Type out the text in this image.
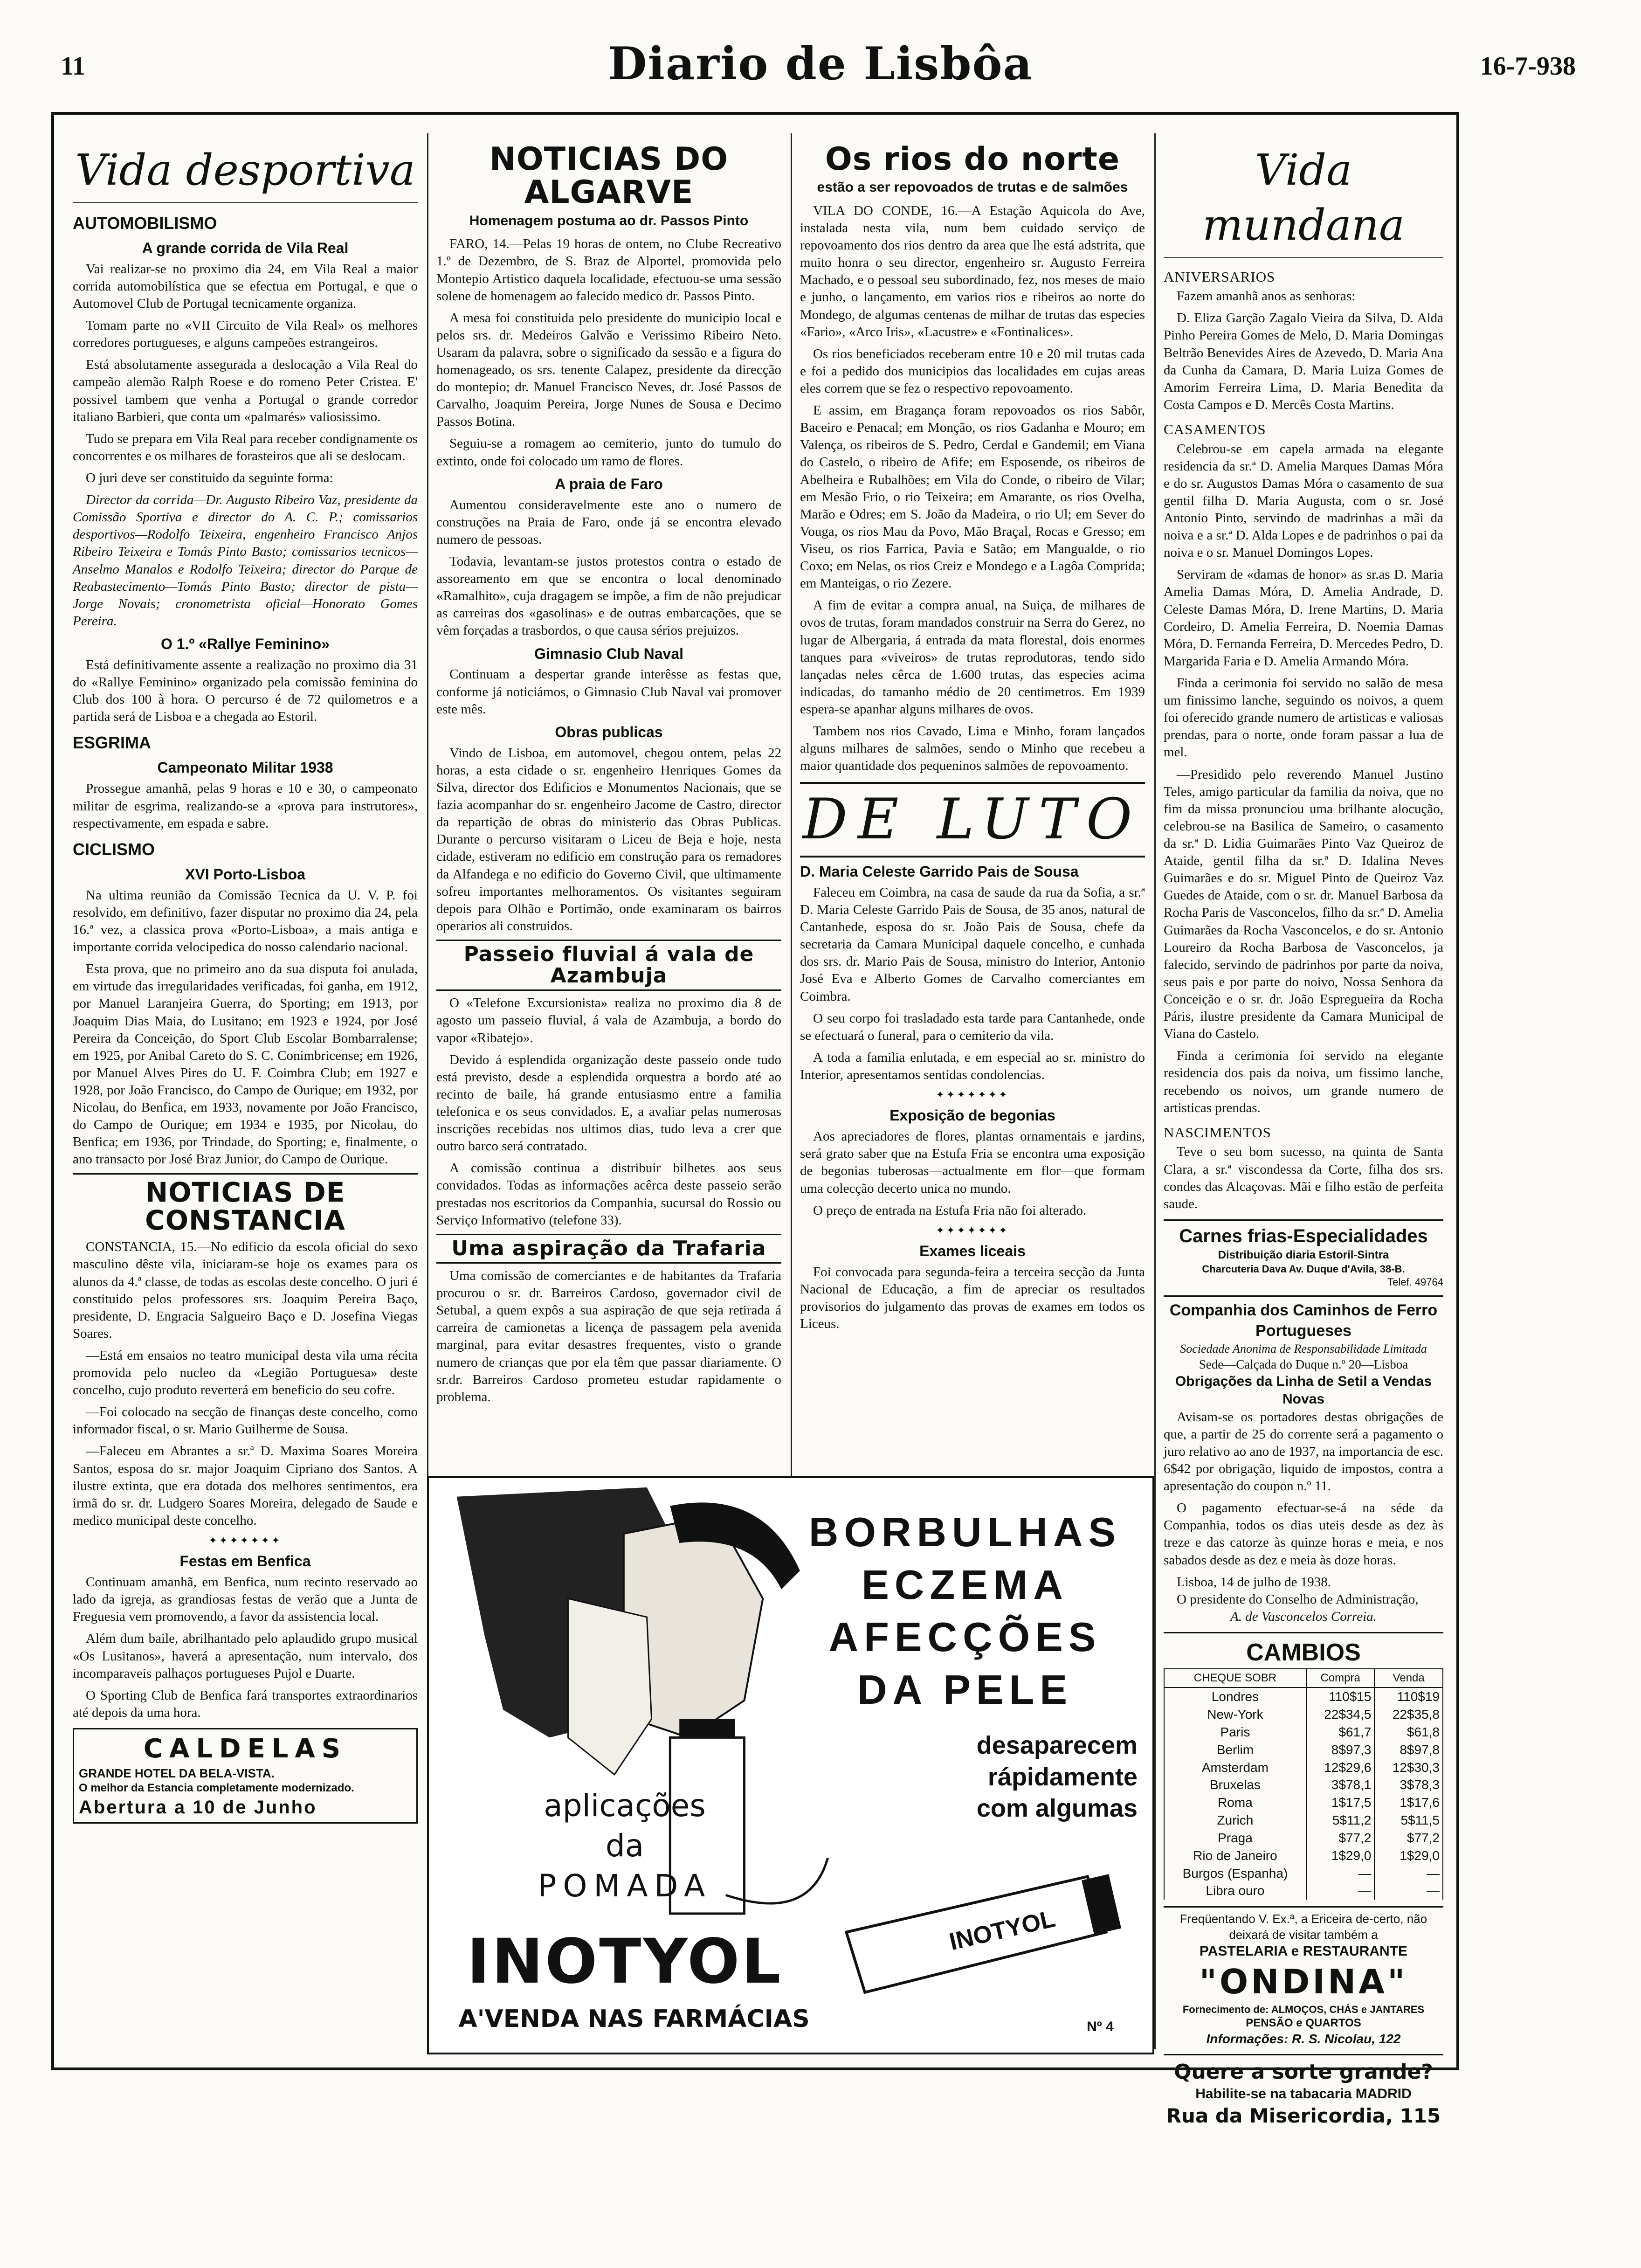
11	Diario de Lisbôa	16-7-938
Vida desportiva
AUTOMOBILISMO
A grande corrida de Vila Real

Vai realizar-se no proximo dia 24, em Vila Real a maior corrida automobilística que se efectua em Portugal, e que o Automovel Club de Portugal tecnicamente organiza.

Tomam parte no «VII Circuito de Vila Real» os melhores corredores portugueses, e alguns campeões estrangeiros.

Está absolutamente assegurada a deslocação a Vila Real do campeão alemão Ralph Roese e do romeno Peter Cristea. E' possivel tambem que venha a Portugal o grande corredor italiano Barbieri, que conta um «palmarés» valiosissimo.

Tudo se prepara em Vila Real para receber condignamente os concorrentes e os milhares de forasteiros que ali se deslocam.

O juri deve ser constituido da seguinte forma:

Director da corrida—Dr. Augusto Ribeiro Vaz, presidente da Comissão Sportiva e director do A. C. P.; comissarios desportivos—Rodolfo Teixeira, engenheiro Francisco Anjos Ribeiro Teixeira e Tomás Pinto Basto; comissarios tecnicos—Anselmo Manalos e Rodolfo Teixeira; director do Parque de Reabastecimento—Tomás Pinto Basto; director de pista—Jorge Novais; cronometrista oficial—Honorato Gomes Pereira.

O 1.º «Rallye Feminino»

Está definitivamente assente a realização no proximo dia 31 do «Rallye Feminino» organizado pela comissão feminina do Club dos 100 à hora. O percurso é de 72 quilometros e a partida será de Lisboa e a chegada ao Estoril.

ESGRIMA
Campeonato Militar 1938

Prossegue amanhã, pelas 9 horas e 10 e 30, o campeonato militar de esgrima, realizando-se a «prova para instrutores», respectivamente, em espada e sabre.

CICLISMO
XVI Porto-Lisboa

Na ultima reunião da Comissão Tecnica da U. V. P. foi resolvido, em definitivo, fazer disputar no proximo dia 24, pela 16.ª vez, a classica prova «Porto-Lisboa», a mais antiga e importante corrida velocipedica do nosso calendario nacional.

Esta prova, que no primeiro ano da sua disputa foi anulada, em virtude das irregularidades verificadas, foi ganha, em 1912, por Manuel Laranjeira Guerra, do Sporting; em 1913, por Joaquim Dias Maia, do Lusitano; em 1923 e 1924, por José Pereira da Conceição, do Sport Club Escolar Bombarralense; em 1925, por Anibal Careto do S. C. Conimbricense; em 1926, por Manuel Alves Pires do U. F. Coimbra Club; em 1927 e 1928, por João Francisco, do Campo de Ourique; em 1932, por Nicolau, do Benfica, em 1933, novamente por João Francisco, do Campo de Ourique; em 1934 e 1935, por Nicolau, do Benfica; em 1936, por Trindade, do Sporting; e, finalmente, o ano transacto por José Braz Junior, do Campo de Ourique.

NOTICIAS DE CONSTANCIA

CONSTANCIA, 15.—No edificio da escola oficial do sexo masculino dêste vila, iniciaram-se hoje os exames para os alunos da 4.ª classe, de todas as escolas deste concelho. O juri é constituido pelos professores srs. Joaquim Pereira Baço, presidente, D. Engracia Salgueiro Baço e D. Josefina Viegas Soares.

—Está em ensaios no teatro municipal desta vila uma récita promovida pelo nucleo da «Legião Portuguesa» deste concelho, cujo produto reverterá em beneficio do seu cofre.

—Foi colocado na secção de finanças deste concelho, como informador fiscal, o sr. Mario Guilherme de Sousa.

—Faleceu em Abrantes a sr.ª D. Maxima Soares Moreira Santos, esposa do sr. major Joaquim Cipriano dos Santos. A ilustre extinta, que era dotada dos melhores sentimentos, era irmã do sr. dr. Ludgero Soares Moreira, delegado de Saude e medico municipal deste concelho.

✦✦✦✦✦✦✦
Festas em Benfica

Continuam amanhã, em Benfica, num recinto reservado ao lado da igreja, as grandiosas festas de verão que a Junta de Freguesia vem promovendo, a favor da assistencia local.

Além dum baile, abrilhantado pelo aplaudido grupo musical «Os Lusitanos», haverá a apresentação, num intervalo, dos incomparaveis palhaços portugueses Pujol e Duarte.

O Sporting Club de Benfica fará transportes extraordinarios até depois da uma hora.

CALDELAS
GRANDE HOTEL DA BELA-VISTA.
O melhor da Estancia completamente modernizado.
Abertura a 10 de Junho
NOTICIAS DO ALGARVE
Homenagem postuma ao dr. Passos Pinto

FARO, 14.—Pelas 19 horas de ontem, no Clube Recreativo 1.º de Dezembro, de S. Braz de Alportel, promovida pelo Montepio Artistico daquela localidade, efectuou-se uma sessão solene de homenagem ao falecido medico dr. Passos Pinto.

A mesa foi constituida pelo presidente do municipio local e pelos srs. dr. Medeiros Galvão e Verissimo Ribeiro Neto. Usaram da palavra, sobre o significado da sessão e a figura do homenageado, os srs. tenente Calapez, presidente da direcção do montepio; dr. Manuel Francisco Neves, dr. José Passos de Carvalho, Joaquim Pereira, Jorge Nunes de Sousa e Decimo Passos Botina.

Seguiu-se a romagem ao cemiterio, junto do tumulo do extinto, onde foi colocado um ramo de flores.

A praia de Faro

Aumentou consideravelmente este ano o numero de construções na Praia de Faro, onde já se encontra elevado numero de pessoas.

Todavia, levantam-se justos protestos contra o estado de assoreamento em que se encontra o local denominado «Ramalhito», cuja dragagem se impõe, a fim de não prejudicar as carreiras dos «gasolinas» e de outras embarcações, que se vêm forçadas a trasbordos, o que causa sérios prejuizos.

Gimnasio Club Naval

Continuam a despertar grande interêsse as festas que, conforme já noticiámos, o Gimnasio Club Naval vai promover este mês.

Obras publicas

Vindo de Lisboa, em automovel, chegou ontem, pelas 22 horas, a esta cidade o sr. engenheiro Henriques Gomes da Silva, director dos Edificios e Monumentos Nacionais, que se fazia acompanhar do sr. engenheiro Jacome de Castro, director da repartição de obras do ministerio das Obras Publicas. Durante o percurso visitaram o Liceu de Beja e hoje, nesta cidade, estiveram no edificio em construção para os remadores da Alfandega e no edificio do Governo Civil, que ultimamente sofreu importantes melhoramentos. Os visitantes seguiram depois para Olhão e Portimão, onde examinaram os bairros operarios ali construidos.

Passeio fluvial á vala de Azambuja

O «Telefone Excursionista» realiza no proximo dia 8 de agosto um passeio fluvial, á vala de Azambuja, a bordo do vapor «Ribatejo».

Devido á esplendida organização deste passeio onde tudo está previsto, desde a esplendida orquestra a bordo até ao recinto de baile, há grande entusiasmo entre a familia telefonica e os seus convidados. E, a avaliar pelas numerosas inscrições recebidas nos ultimos dias, tudo leva a crer que outro barco será contratado.

A comissão continua a distribuir bilhetes aos seus convidados. Todas as informações acêrca deste passeio serão prestadas nos escritorios da Companhia, sucursal do Rossio ou Serviço Informativo (telefone 33).

Uma aspiração da Trafaria

Uma comissão de comerciantes e de habitantes da Trafaria procurou o sr. dr. Barreiros Cardoso, governador civil de Setubal, a quem expôs a sua aspiração de que seja retirada á carreira de camionetas a licença de passagem pela avenida marginal, para evitar desastres frequentes, visto o grande numero de crianças que por ela têm que passar diariamente. O sr.dr. Barreiros Cardoso prometeu estudar rapidamente o problema.

Os rios do norte
estão a ser repovoados de trutas e de salmões

VILA DO CONDE, 16.—A Estação Aquicola do Ave, instalada nesta vila, num bem cuidado serviço de repovoamento dos rios dentro da area que lhe está adstrita, que muito honra o seu director, engenheiro sr. Augusto Ferreira Machado, e o pessoal seu subordinado, fez, nos meses de maio e junho, o lançamento, em varios rios e ribeiros ao norte do Mondego, de algumas centenas de milhar de trutas das especies «Fario», «Arco Iris», «Lacustre» e «Fontinalices».

Os rios beneficiados receberam entre 10 e 20 mil trutas cada e foi a pedido dos municipios das localidades em cujas areas eles correm que se fez o respectivo repovoamento.

E assim, em Bragança foram repovoados os rios Sabôr, Baceiro e Penacal; em Monção, os rios Gadanha e Mouro; em Valença, os ribeiros de S. Pedro, Cerdal e Gandemil; em Viana do Castelo, o ribeiro de Afife; em Esposende, os ribeiros de Abelheira e Rubalhões; em Vila do Conde, o ribeiro de Vilar; em Mesão Frio, o rio Teixeira; em Amarante, os rios Ovelha, Marão e Odres; em S. João da Madeira, o rio Ul; em Sever do Vouga, os rios Mau da Povo, Mão Braçal, Rocas e Gresso; em Viseu, os rios Farrica, Pavia e Satão; em Mangualde, o rio Coxo; em Nelas, os rios Creiz e Mondego e a Lagôa Comprida; em Manteigas, o rio Zezere.

A fim de evitar a compra anual, na Suiça, de milhares de ovos de trutas, foram mandados construir na Serra do Gerez, no lugar de Albergaria, á entrada da mata florestal, dois enormes tanques para «viveiros» de trutas reprodutoras, tendo sido lançadas neles cêrca de 1.600 trutas, das especies acima indicadas, do tamanho médio de 20 centimetros. Em 1939 espera-se apanhar alguns milhares de ovos.

Tambem nos rios Cavado, Lima e Minho, foram lançados alguns milhares de salmões, sendo o Minho que recebeu a maior quantidade dos pequeninos salmões de repovoamento.

DE LUTO
D. Maria Celeste Garrido Pais de Sousa

Faleceu em Coimbra, na casa de saude da rua da Sofia, a sr.ª D. Maria Celeste Garrido Pais de Sousa, de 35 anos, natural de Cantanhede, esposa do sr. João Pais de Sousa, chefe da secretaria da Camara Municipal daquele concelho, e cunhada dos srs. dr. Mario Pais de Sousa, ministro do Interior, Antonio José Eva e Alberto Gomes de Carvalho comerciantes em Coimbra.

O seu corpo foi trasladado esta tarde para Cantanhede, onde se efectuará o funeral, para o cemiterio da vila.

A toda a familia enlutada, e em especial ao sr. ministro do Interior, apresentamos sentidas condolencias.

✦✦✦✦✦✦✦
Exposição de begonias

Aos apreciadores de flores, plantas ornamentais e jardins, será grato saber que na Estufa Fria se encontra uma exposição de begonias tuberosas—actualmente em flor—que formam uma colecção decerto unica no mundo.

O preço de entrada na Estufa Fria não foi alterado.

✦✦✦✦✦✦✦
Exames liceais

Foi convocada para segunda-feira a terceira secção da Junta Nacional de Educação, a fim de apreciar os resultados provisorios do julgamento das provas de exames em todos os Liceus.

Vida mundana
ANIVERSARIOS

Fazem amanhã anos as senhoras:

D. Eliza Garção Zagalo Vieira da Silva, D. Alda Pinho Pereira Gomes de Melo, D. Maria Domingas Beltrão Benevides Aires de Azevedo, D. Maria Ana da Cunha da Camara, D. Maria Luiza Gomes de Amorim Ferreira Lima, D. Maria Benedita da Costa Campos e D. Mercês Costa Martins.

CASAMENTOS

Celebrou-se em capela armada na elegante residencia da sr.ª D. Amelia Marques Damas Móra e do sr. Augustos Damas Móra o casamento de sua gentil filha D. Maria Augusta, com o sr. José Antonio Pinto, servindo de madrinhas a mãi da noiva e a sr.ª D. Alda Lopes e de padrinhos o pai da noiva e o sr. Manuel Domingos Lopes.

Serviram de «damas de honor» as sr.as D. Maria Amelia Damas Móra, D. Amelia Andrade, D. Celeste Damas Móra, D. Irene Martins, D. Maria Cordeiro, D. Amelia Ferreira, D. Noemia Damas Móra, D. Fernanda Ferreira, D. Mercedes Pedro, D. Margarida Faria e D. Amelia Armando Móra.

Finda a cerimonia foi servido no salão de mesa um finissimo lanche, seguindo os noivos, a quem foi oferecido grande numero de artisticas e valiosas prendas, para o norte, onde foram passar a lua de mel.

—Presidido pelo reverendo Manuel Justino Teles, amigo particular da familia da noiva, que no fim da missa pronunciou uma brilhante alocução, celebrou-se na Basilica de Sameiro, o casamento da sr.ª D. Lidia Guimarães Pinto Vaz Queiroz de Ataide, gentil filha da sr.ª D. Idalina Neves Guimarães e do sr. Miguel Pinto de Queiroz Vaz Guedes de Ataide, com o sr. dr. Manuel Barbosa da Rocha Paris de Vasconcelos, filho da sr.ª D. Amelia Guimarães da Rocha Vasconcelos, e do sr. Antonio Loureiro da Rocha Barbosa de Vasconcelos, ja falecido, servindo de padrinhos por parte da noiva, seus pais e por parte do noivo, Nossa Senhora da Conceição e o sr. dr. João Espregueira da Rocha Páris, ilustre presidente da Camara Municipal de Viana do Castelo.

Finda a cerimonia foi servido na elegante residencia dos pais da noiva, um fissimo lanche, recebendo os noivos, um grande numero de artisticas prendas.

NASCIMENTOS

Teve o seu bom sucesso, na quinta de Santa Clara, a sr.ª viscondessa da Corte, filha dos srs. condes das Alcaçovas. Mãi e filho estão de perfeita saude.

Carnes frias-Especialidades
Distribuição diaria Estoril-Sintra
Charcuteria Dava Av. Duque d'Avila, 38-B.
Telef. 49764
Companhia dos Caminhos de Ferro Portugueses
Sociedade Anonima de Responsabilidade Limitada
Sede—Calçada do Duque n.º 20—Lisboa
Obrigações da Linha de Setil a Vendas Novas

Avisam-se os portadores destas obrigações de que, a partir de 25 do corrente será a pagamento o juro relativo ao ano de 1937, na importancia de esc. 6$42 por obrigação, liquido de impostos, contra a apresentação do coupon n.º 11.

O pagamento efectuar-se-á na séde da Companhia, todos os dias uteis desde as dez às treze e das catorze às quinze horas e meia, e nos sabados desde as dez e meia às doze horas.

Lisboa, 14 de julho de 1938.
O presidente do Conselho de Administração,
A. de Vasconcelos Correia.
CAMBIOS
CHEQUE SOBR	Compra	Venda
Londres	110$15	110$19
New-York	22$34,5	22$35,8
Paris	$61,7	$61,8
Berlim	8$97,3	8$97,8
Amsterdam	12$29,6	12$30,3
Bruxelas	3$78,1	3$78,3
Roma	1$17,5	1$17,6
Zurich	5$11,2	5$11,5
Praga	$77,2	$77,2
Rio de Janeiro	1$29,0	1$29,0
Burgos (Espanha)	—	—
Libra ouro	—	—
Freqüentando V. Ex.ª, a Ericeira de-certo, não deixará de visitar também a
PASTELARIA e RESTAURANTE
"ONDINA"
Fornecimento de: ALMOÇOS, CHÁS e JANTARES
PENSÃO e QUARTOS
Informações: R. S. Nicolau, 122
Quere a sorte grande?
Habilite-se na tabacaria MADRID
Rua da Misericordia, 115
BORBULHAS
ECZEMA
AFECÇÕES
DA PELE
desaparecem
rápidamente
com algumas
aplicações
da
POMADA
INOTYOL	INOTYOL
A'VENDA NAS FARMÁCIAS	Nº 4
